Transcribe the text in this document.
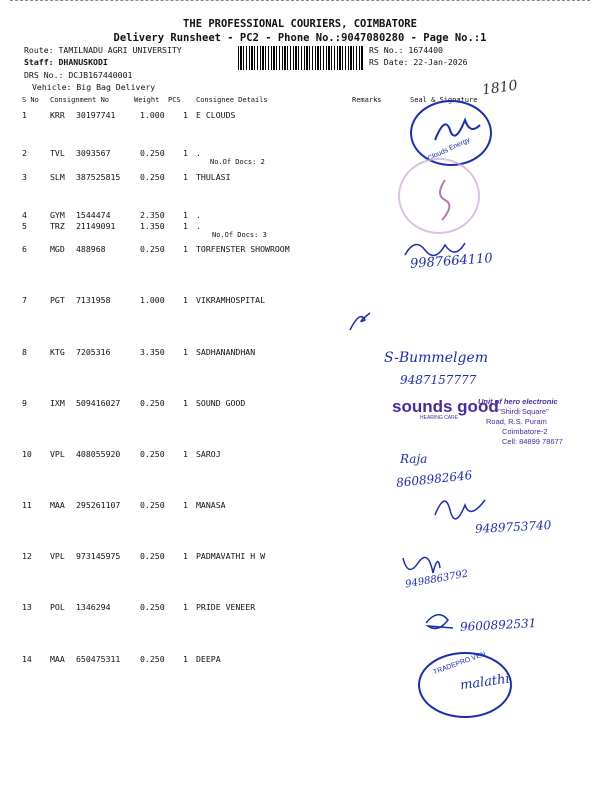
THE PROFESSIONAL COURIERS, COIMBATORE
Delivery Runsheet - PC2 - Phone No.:9047080280 - Page No.:1
Route: TAMILNADU AGRI UNIVERSITY
Staff: DHANUSKODI
DRS No.: DCJB167440001
Vehicle: Big Bag Delivery
RS No.: 1674400
RS Date: 22-Jan-2026
S No Consignment No	Weight PCS Consignee Details	Remarks	Seal & Signature
1	KRR 30197741	1.000 1 E CLOUDS
2	TVL 3093567	0.250 1 .
No.Of Docs: 2
3	SLM 387525815 0.250 1 THULASI
4	GYM 1544474	2.350 1 .
5	TRZ 21149091	1.350 1 .
No.Of Docs: 3
6	MGD 488968	0.250 1 TORFENSTER SHOWROOM
7	PGT 7131958	1.000 1 VIKRAMHOSPITAL
8	KTG 7205316	3.350 1 SADHANANDHAN
9	IXM 509416027 0.250 1 SOUND GOOD
10 VPL 408055920 0.250 1 SAROJ
11 MAA 295261107 0.250 1 MANASA
12 VPL 973145975 0.250 1 PADMAVATHI H W
13 POL 1346294	0.250 1 PRIDE VENEER
14 MAA 650475311 0.250 1 DEEPA
1810
Clouds Energy
9987664110
S-Bummelgem
9487157777
sounds good
HEARING CARE
Unit of hero electronic
"Shirdi Square"
Road, R.S. Puram
Coimbatore-2
Cell: 84899 78677
Raja
8608982646
9489753740
9498863792
9600892531
TRADEPRO VEN
malathi
